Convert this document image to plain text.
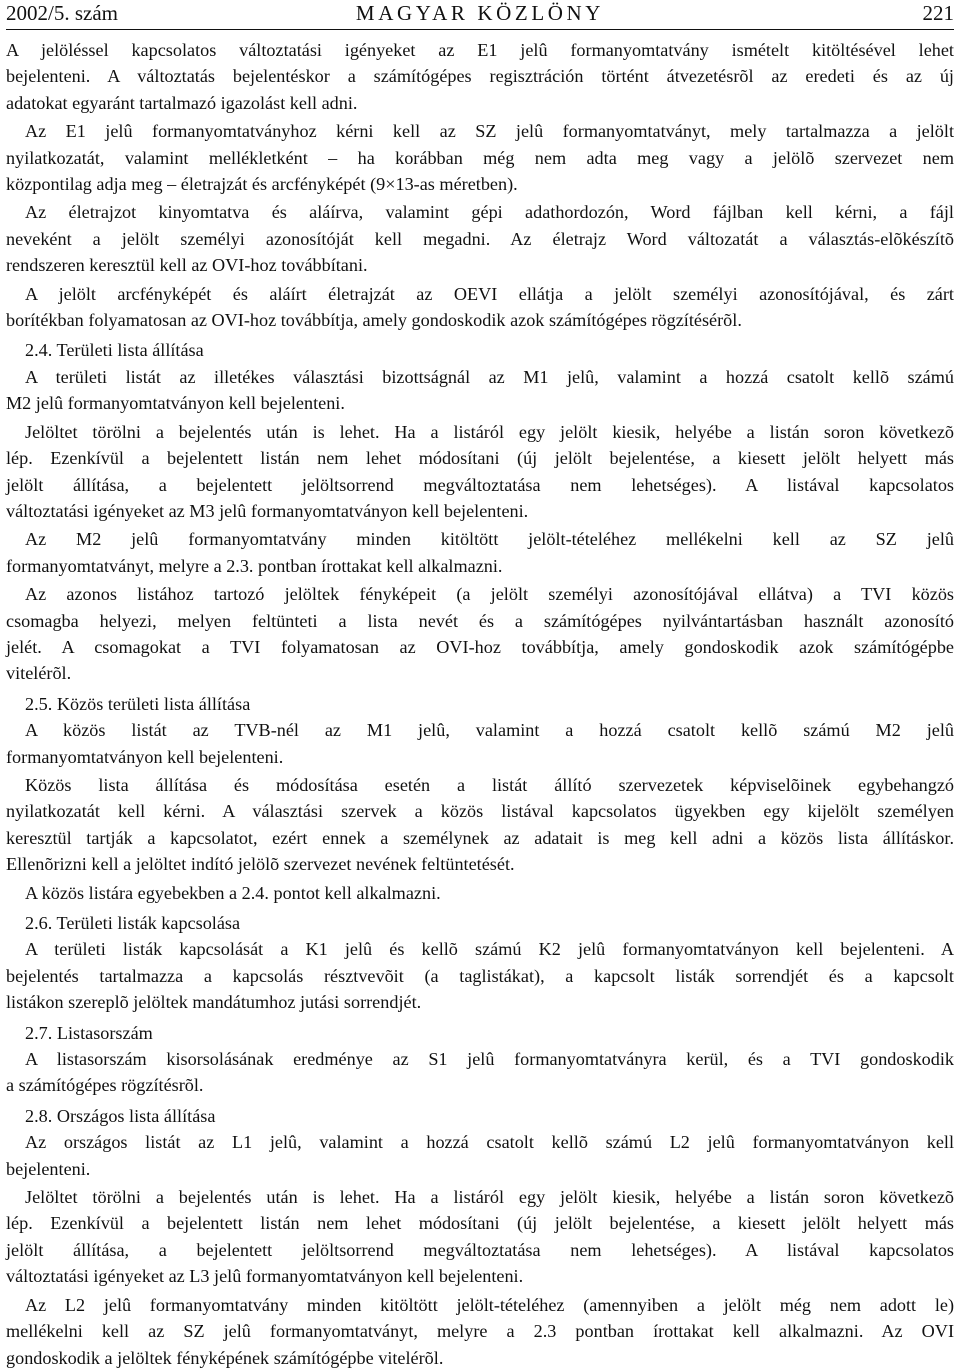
2002/5. szám	MAGYAR KÖZLÖNY	221
A jelöléssel kapcsolatos változtatási igényeket az E1 jelû formanyomtatvány ismételt kitöltésével lehet
bejelenteni. A változtatás bejelentéskor a számítógépes regisztráción történt átvezetésrõl az eredeti és az új
adatokat egyaránt tartalmazó igazolást kell adni.
Az E1 jelû formanyomtatványhoz kérni kell az SZ jelû formanyomtatványt, mely tartalmazza a jelölt
nyilatkozatát, valamint mellékletként – ha korábban még nem adta meg vagy a jelölõ szervezet nem
központilag adja meg – életrajzát és arcfényképét (9×13-as méretben).
Az életrajzot kinyomtatva és aláírva, valamint gépi adathordozón, Word fájlban kell kérni, a fájl
neveként a jelölt személyi azonosítóját kell megadni. Az életrajz Word változatát a választás-elõkészítõ
rendszeren keresztül kell az OVI-hoz továbbítani.
A jelölt arcfényképét és aláírt életrajzát az OEVI ellátja a jelölt személyi azonosítójával, és zárt
borítékban folyamatosan az OVI-hoz továbbítja, amely gondoskodik azok számítógépes rögzítésérõl.
2.4. Területi lista állítása
A területi listát az illetékes választási bizottságnál az M1 jelû, valamint a hozzá csatolt kellõ számú
M2 jelû formanyomtatványon kell bejelenteni.
Jelöltet törölni a bejelentés után is lehet. Ha a listáról egy jelölt kiesik, helyébe a listán soron következõ
lép. Ezenkívül a bejelentett listán nem lehet módosítani (új jelölt bejelentése, a kiesett jelölt helyett más
jelölt állítása, a bejelentett jelöltsorrend megváltoztatása nem lehetséges). A listával kapcsolatos
változtatási igényeket az M3 jelû formanyomtatványon kell bejelenteni.
Az M2 jelû formanyomtatvány minden kitöltött jelölt-tételéhez mellékelni kell az SZ jelû
formanyomtatványt, melyre a 2.3. pontban írottakat kell alkalmazni.
Az azonos listához tartozó jelöltek fényképeit (a jelölt személyi azonosítójával ellátva) a TVI közös
csomagba helyezi, melyen feltünteti a lista nevét és a számítógépes nyilvántartásban használt azonosító
jelét. A csomagokat a TVI folyamatosan az OVI-hoz továbbítja, amely gondoskodik azok számítógépbe
vitelérõl.
2.5. Közös területi lista állítása
A közös listát az TVB-nél az M1 jelû, valamint a hozzá csatolt kellõ számú M2 jelû
formanyomtatványon kell bejelenteni.
Közös lista állítása és módosítása esetén a listát állító szervezetek képviselõinek egybehangzó
nyilatkozatát kell kérni. A választási szervek a közös listával kapcsolatos ügyekben egy kijelölt személyen
keresztül tartják a kapcsolatot, ezért ennek a személynek az adatait is meg kell adni a közös lista állításkor.
Ellenõrizni kell a jelöltet indító jelölõ szervezet nevének feltüntetését.
A közös listára egyebekben a 2.4. pontot kell alkalmazni.
2.6. Területi listák kapcsolása
A területi listák kapcsolását a K1 jelû és kellõ számú K2 jelû formanyomtatványon kell bejelenteni. A
bejelentés tartalmazza a kapcsolás résztvevõit (a taglistákat), a kapcsolt listák sorrendjét és a kapcsolt
listákon szereplõ jelöltek mandátumhoz jutási sorrendjét.
2.7. Listasorszám
A listasorszám kisorsolásának eredménye az S1 jelû formanyomtatványra kerül, és a TVI gondoskodik
a számítógépes rögzítésrõl.
2.8. Országos lista állítása
Az országos listát az L1 jelû, valamint a hozzá csatolt kellõ számú L2 jelû formanyomtatványon kell
bejelenteni.
Jelöltet törölni a bejelentés után is lehet. Ha a listáról egy jelölt kiesik, helyébe a listán soron következõ
lép. Ezenkívül a bejelentett listán nem lehet módosítani (új jelölt bejelentése, a kiesett jelölt helyett más
jelölt állítása, a bejelentett jelöltsorrend megváltoztatása nem lehetséges). A listával kapcsolatos
változtatási igényeket az L3 jelû formanyomtatványon kell bejelenteni.
Az L2 jelû formanyomtatvány minden kitöltött jelölt-tételéhez (amennyiben a jelölt még nem adott le)
mellékelni kell az SZ jelû formanyomtatványt, melyre a 2.3 pontban írottakat kell alkalmazni. Az OVI
gondoskodik a jelöltek fényképének számítógépbe vitelérõl.
